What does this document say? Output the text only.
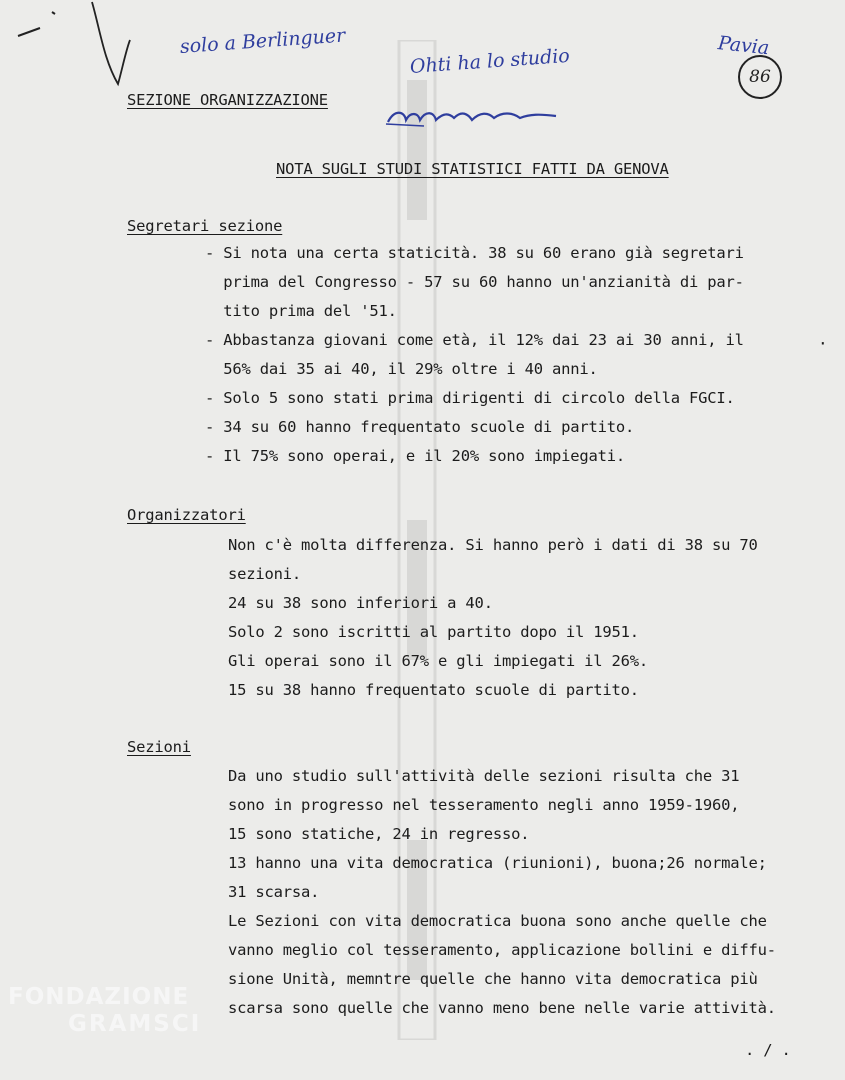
solo a Berlinguer
Ohti ha lo studio	Pavia
86
SEZIONE ORGANIZZAZIONE
NOTA SUGLI STUDI STATISTICI FATTI DA GENOVA
Segretari sezione
- Si nota una certa staticità. 38 su 60 erano già segretari
prima del Congresso - 57 su 60 hanno un'anzianità di par-
tito prima del '51.
- Abbastanza giovani come età, il 12% dai 23 ai 30 anni, il
56% dai 35 ai 40, il 29% oltre i 40 anni.
- Solo 5 sono stati prima dirigenti di circolo della FGCI.
- 34 su 60 hanno frequentato scuole di partito.
- Il 75% sono operai, e il 20% sono impiegati.
·
Organizzatori
Non c'è molta differenza. Si hanno però i dati di 38 su 70
sezioni.
24 su 38 sono inferiori a 40.
Solo 2 sono iscritti al partito dopo il 1951.
Gli operai sono il 67% e gli impiegati il 26%.
15 su 38 hanno frequentato scuole di partito.
Sezioni
Da uno studio sull'attività delle sezioni risulta che 31
sono in progresso nel tesseramento negli anno 1959-1960,
15 sono statiche, 24 in regresso.
13 hanno una vita democratica (riunioni), buona;26 normale;
31 scarsa.
Le Sezioni con vita democratica buona sono anche quelle che
vanno meglio col tesseramento, applicazione bollini e diffu-
sione Unità, memntre quelle che hanno vita democratica più
scarsa sono quelle che vanno meno bene nelle varie attività.
. / .
FONDAZIONE
GRAMSCI
